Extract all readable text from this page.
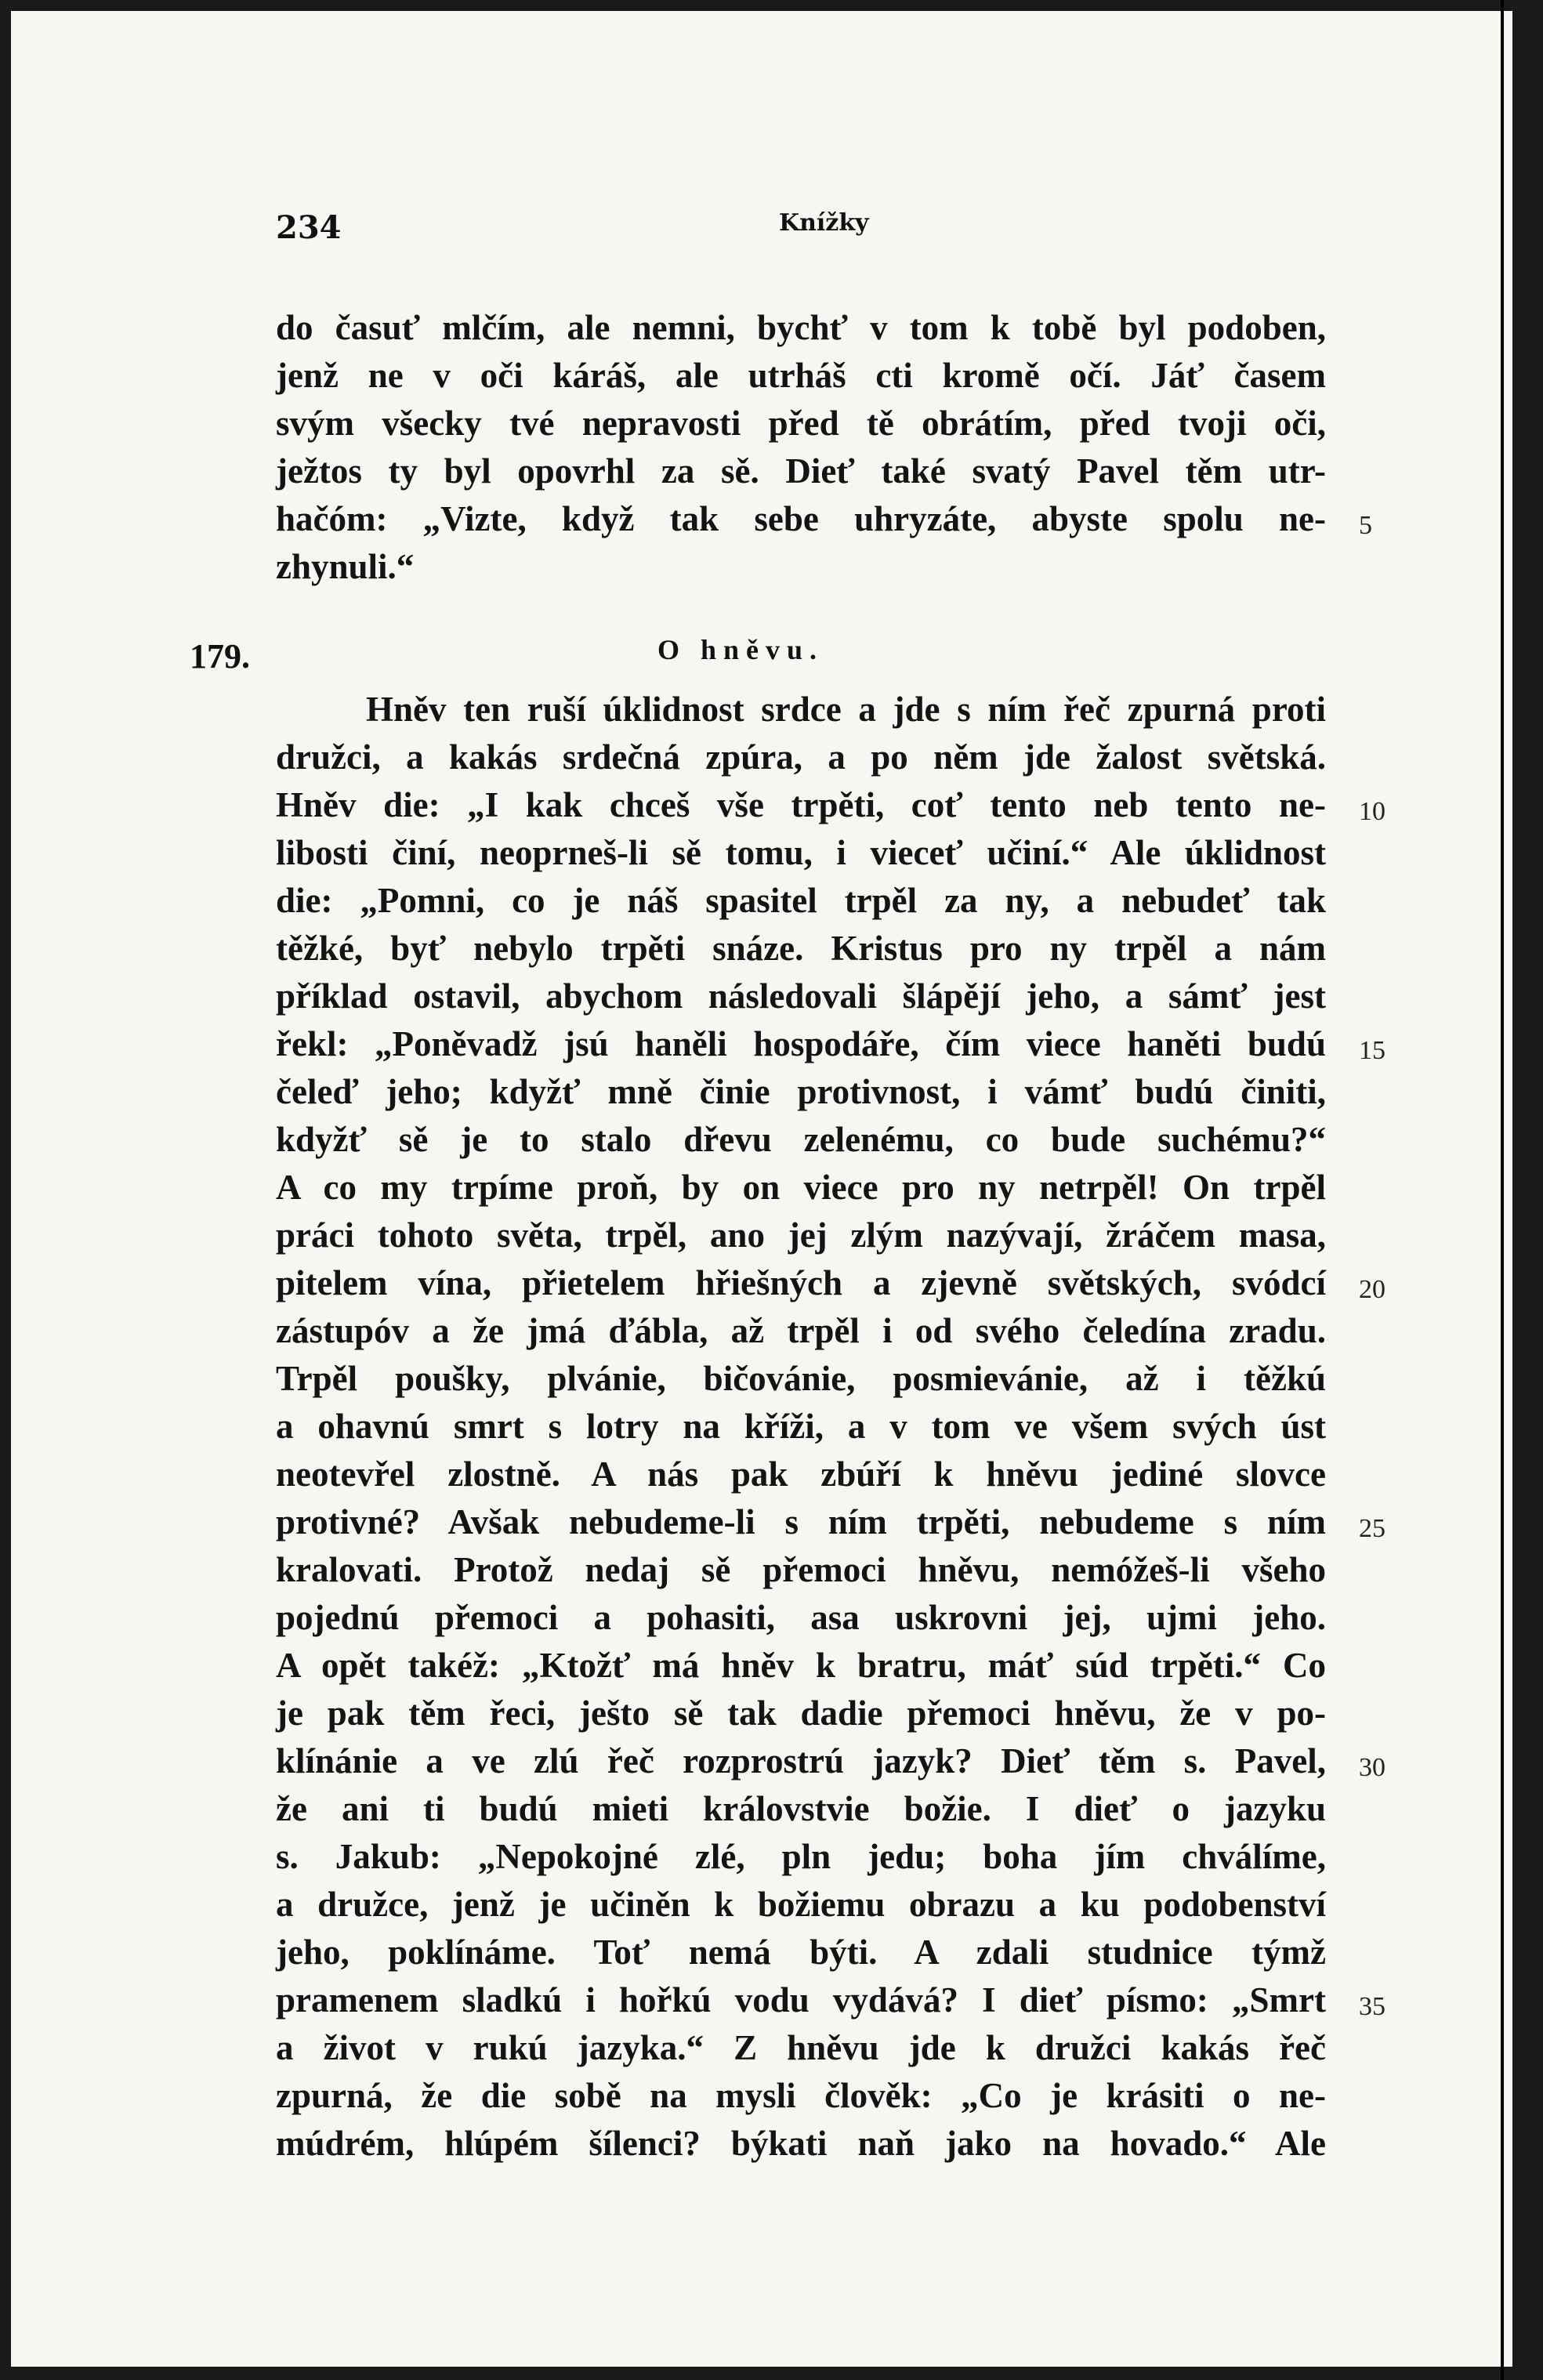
234	Knížky
do časuť mlčím, ale nemni, bychť v tom k tobě byl podoben,
jenž ne v oči káráš, ale utrháš cti kromě očí. Jáť časem
svým všecky tvé nepravosti před tě obrátím, před tvoji oči,
ježtos ty byl opovrhl za sě. Dieť také svatý Pavel těm utr-
hačóm: „Vizte, když tak sebe uhryzáte, abyste spolu ne-
zhynuli.“
179.	O hněvu.
Hněv ten ruší úklidnost srdce a jde s ním řeč zpurná proti
družci, a kakás srdečná zpúra, a po něm jde žalost světská.
Hněv die: „I kak chceš vše trpěti, coť tento neb tento ne-
libosti činí, neoprneš-li sě tomu, i vieceť učiní.“ Ale úklidnost
die: „Pomni, co je náš spasitel trpěl za ny, a nebudeť tak
těžké, byť nebylo trpěti snáze. Kristus pro ny trpěl a nám
příklad ostavil, abychom následovali šlápějí jeho, a sámť jest
řekl: „Poněvadž jsú haněli hospodáře, čím viece haněti budú
čeleď jeho; kdyžť mně činie protivnost, i vámť budú činiti,
kdyžť sě je to stalo dřevu zelenému, co bude suchému?“
A co my trpíme proň, by on viece pro ny netrpěl! On trpěl
práci tohoto světa, trpěl, ano jej zlým nazývají, žráčem masa,
pitelem vína, přietelem hřiešných a zjevně světských, svódcí
zástupóv a že jmá ďábla, až trpěl i od svého čeledína zradu.
Trpěl poušky, plvánie, bičovánie, posmievánie, až i těžkú
a ohavnú smrt s lotry na kříži, a v tom ve všem svých úst
neotevřel zlostně. A nás pak zbúří k hněvu jediné slovce
protivné? Avšak nebudeme-li s ním trpěti, nebudeme s ním
kralovati. Protož nedaj sě přemoci hněvu, nemóžeš-li všeho
pojednú přemoci a pohasiti, asa uskrovni jej, ujmi jeho.
A opět takéž: „Ktožť má hněv k bratru, máť súd trpěti.“ Co
je pak těm řeci, ješto sě tak dadie přemoci hněvu, že v po-
klínánie a ve zlú řeč rozprostrú jazyk? Dieť těm s. Pavel,
že ani ti budú mieti královstvie božie. I dieť o jazyku
s. Jakub: „Nepokojné zlé, pln jedu; boha jím chválíme,
a družce, jenž je učiněn k božiemu obrazu a ku podobenství
jeho, poklínáme. Toť nemá býti. A zdali studnice týmž
pramenem sladkú i hořkú vodu vydává? I dieť písmo: „Smrt
a život v rukú jazyka.“ Z hněvu jde k družci kakás řeč
zpurná, že die sobě na mysli člověk: „Co je krásiti o ne-
múdrém, hlúpém šílenci? býkati naň jako na hovado.“ Ale
5
10
15
20
25
30
35
